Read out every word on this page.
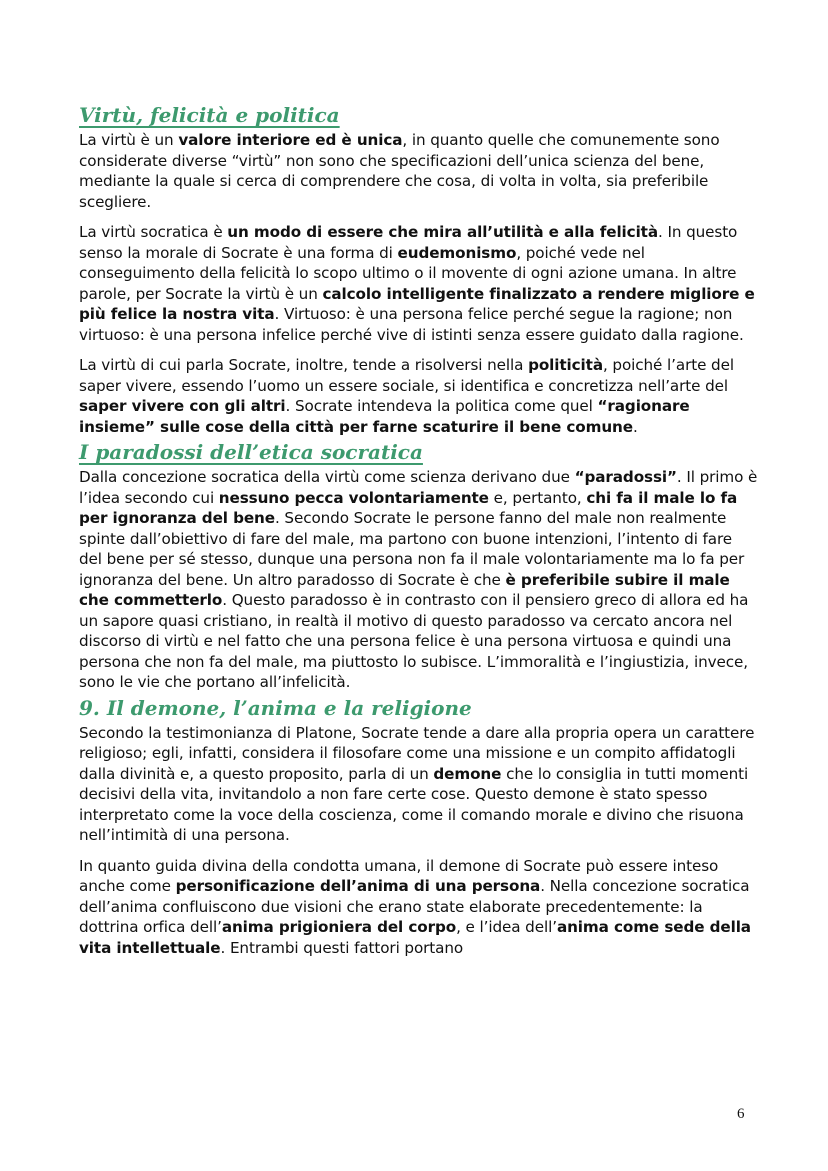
Virtù, felicità e politica

La virtù è un valore interiore ed è unica, in quanto quelle che comunemente sono considerate diverse “virtù” non sono che specificazioni dell’unica scienza del bene, mediante la quale si cerca di comprendere che cosa, di volta in volta, sia preferibile scegliere.

La virtù socratica è un modo di essere che mira all’utilità e alla felicità. In questo senso la morale di Socrate è una forma di eudemonismo, poiché vede nel conseguimento della felicità lo scopo ultimo o il movente di ogni azione umana. In altre parole, per Socrate la virtù è un calcolo intelligente finalizzato a rendere migliore e più felice la nostra vita. Virtuoso: è una persona felice perché segue la ragione; non virtuoso: è una persona infelice perché vive di istinti senza essere guidato dalla ragione.

La virtù di cui parla Socrate, inoltre, tende a risolversi nella politicità, poiché l’arte del saper vivere, essendo l’uomo un essere sociale, si identifica e concretizza nell’arte del saper vivere con gli altri. Socrate intendeva la politica come quel “ragionare insieme” sulle cose della città per farne scaturire il bene comune.

I paradossi dell’etica socratica

Dalla concezione socratica della virtù come scienza derivano due “paradossi”. Il primo è l’idea secondo cui nessuno pecca volontariamente e, pertanto, chi fa il male lo fa per ignoranza del bene. Secondo Socrate le persone fanno del male non realmente spinte dall’obiettivo di fare del male, ma partono con buone intenzioni, l’intento di fare del bene per sé stesso, dunque una persona non fa il male volontariamente ma lo fa per ignoranza del bene. Un altro paradosso di Socrate è che è preferibile subire il male che commetterlo. Questo paradosso è in contrasto con il pensiero greco di allora ed ha un sapore quasi cristiano, in realtà il motivo di questo paradosso va cercato ancora nel discorso di virtù e nel fatto che una persona felice è una persona virtuosa e quindi una persona che non fa del male, ma piuttosto lo subisce. L’immoralità e l’ingiustizia, invece, sono le vie che portano all’infelicità.

9. Il demone, l’anima e la religione

Secondo la testimonianza di Platone, Socrate tende a dare alla propria opera un carattere religioso; egli, infatti, considera il filosofare come una missione e un compito affidatogli dalla divinità e, a questo proposito, parla di un demone che lo consiglia in tutti momenti decisivi della vita, invitandolo a non fare certe cose. Questo demone è stato spesso interpretato come la voce della coscienza, come il comando morale e divino che risuona nell’intimità di una persona.

In quanto guida divina della condotta umana, il demone di Socrate può essere inteso anche come personificazione dell’anima di una persona. Nella concezione socratica dell’anima confluiscono due visioni che erano state elaborate precedentemente: la dottrina orfica dell’anima prigioniera del corpo, e l’idea dell’anima come sede della vita intellettuale. Entrambi questi fattori portano

6
